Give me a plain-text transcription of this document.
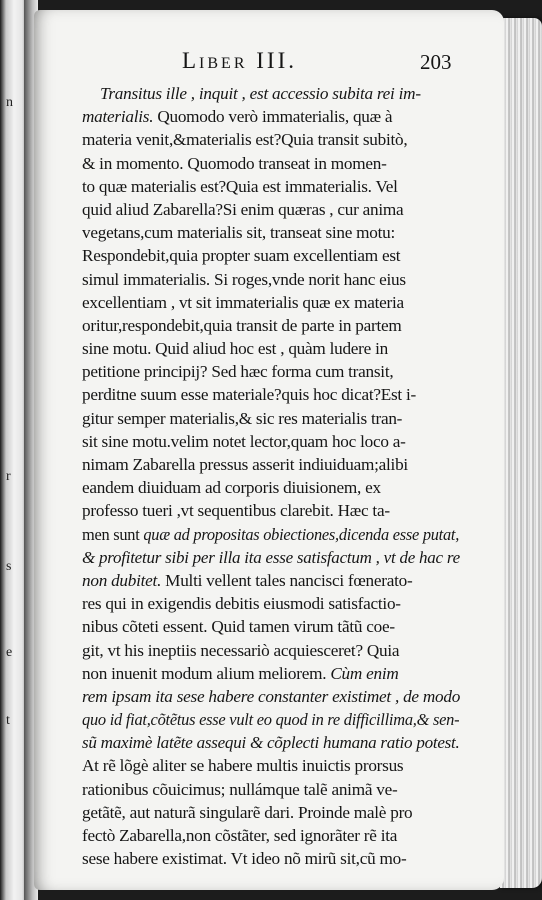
n
r
s
e
t
Liber III.	203
Transitus ille , inquit , est accessio subita rei im-
materialis. Quomodo verò immaterialis, quæ à
materia venit,&materialis est?Quia transit subitò,
& in momento. Quomodo transeat in momen-
to quæ materialis est?Quia est immaterialis. Vel
quid aliud Zabarella?Si enim quæras , cur anima
vegetans,cum materialis sit, transeat sine motu:
Respondebit,quia propter suam excellentiam est
simul immaterialis. Si roges,vnde norit hanc eius
excellentiam , vt sit immaterialis quæ ex materia
oritur,respondebit,quia transit de parte in partem
sine motu. Quid aliud hoc est , quàm ludere in
petitione principij? Sed hæc forma cum transit,
perditne suum esse materiale?quis hoc dicat?Est i-
gitur semper materialis,& sic res materialis tran-
sit sine motu.velim notet lector,quam hoc loco a-
nimam Zabarella pressus asserit indiuiduam;alibi
eandem diuiduam ad corporis diuisionem, ex
professo tueri ,vt sequentibus clarebit. Hæc ta-
men sunt quæ ad propositas obiectiones,dicenda esse putat,
& profitetur sibi per illa ita esse satisfactum , vt de hac re
non dubitet. Multi vellent tales nancisci fœnerato-
res qui in exigendis debitis eiusmodi satisfactio-
nibus cõteti essent. Quid tamen virum tãtũ coe-
git, vt his ineptiis necessariò acquiesceret? Quia
non inuenit modum alium meliorem. Cùm enim
rem ipsam ita sese habere constanter existimet , de modo
quo id fiat,cõtẽtus esse vult eo quod in re difficillima,& sen-
sũ maximè latẽte assequi & cõplecti humana ratio potest.
At rẽ lõgè aliter se habere multis inuictis prorsus
rationibus cõuicimus; nullámque talẽ animã ve-
getãtẽ, aut naturã singularẽ dari. Proinde malè pro
fectò Zabarella,non cõstãter, sed ignorãter rẽ ita
sese habere existimat. Vt ideo nõ mirũ sit,cũ mo-
